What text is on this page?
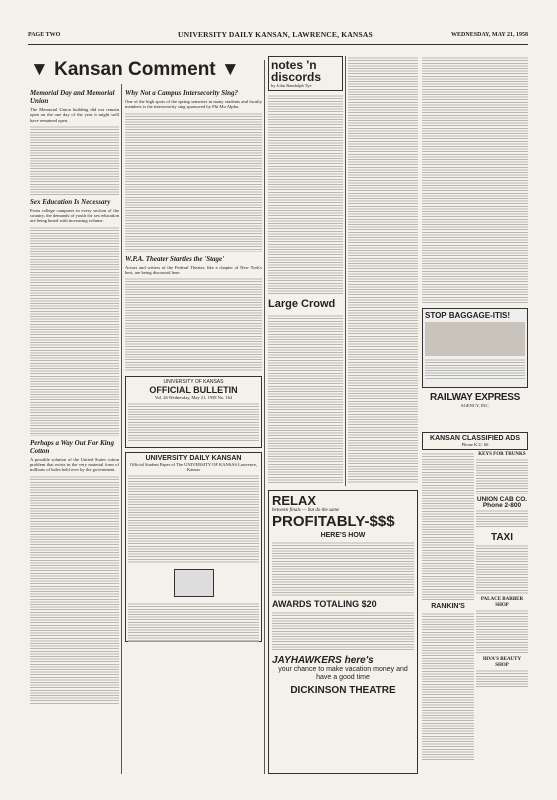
PAGE TWO	UNIVERSITY DAILY KANSAN, LAWRENCE, KANSAS	WEDNESDAY, MAY 21, 1958
▼ Kansan Comment ▼
Memorial Day and Memorial Union

The Memorial Union building did not remain open on the one day of the year it might well have remained open.

Sex Education Is Necessary

From college campuses in every section of the country, the demands of youth for sex education are being heard with increasing volume.

Perhaps a Way Out For King Cotton

A possible solution of the United States cotton problem that exists in the very material form of millions of bales held over by the government.

Why Not a Campus Intersecority Sing?

One of the high spots of the spring semester in many students and faculty members is the intersorority sing sponsored by Phi Mu Alpha.

W.P.A. Theater Startles the 'Stage'

Actors and writers of the Federal Theater, like a chapter of New York's best, are being discussed here.

UNIVERSITY OF KANSAS
OFFICIAL BULLETIN
Vol. 26 Wednesday, May 21, 1958 No. 164
UNIVERSITY DAILY KANSAN
Official Student Paper of The UNIVERSITY OF KANSAS Lawrence, Kansas
notes 'n discords
by John Randolph Tye
Large Crowd
STOP BAGGAGE-ITIS!
RAILWAY EXPRESS
AGENCY, INC.
RELAX
between finals — but do the same
PROFITABLY-$$$
HERE'S HOW
AWARDS TOTALING $20
JAYHAWKERS here's
your chance to make vacation money and have a good time
DICKINSON THEATRE
KANSAN CLASSIFIED ADS
Phone K.U. 66
RANKIN'S
KEYS FOR TRUNKS
UNION CAB CO.
Phone 2-800
TAXI
PALACE BARBER SHOP
IRVA'S BEAUTY SHOP
